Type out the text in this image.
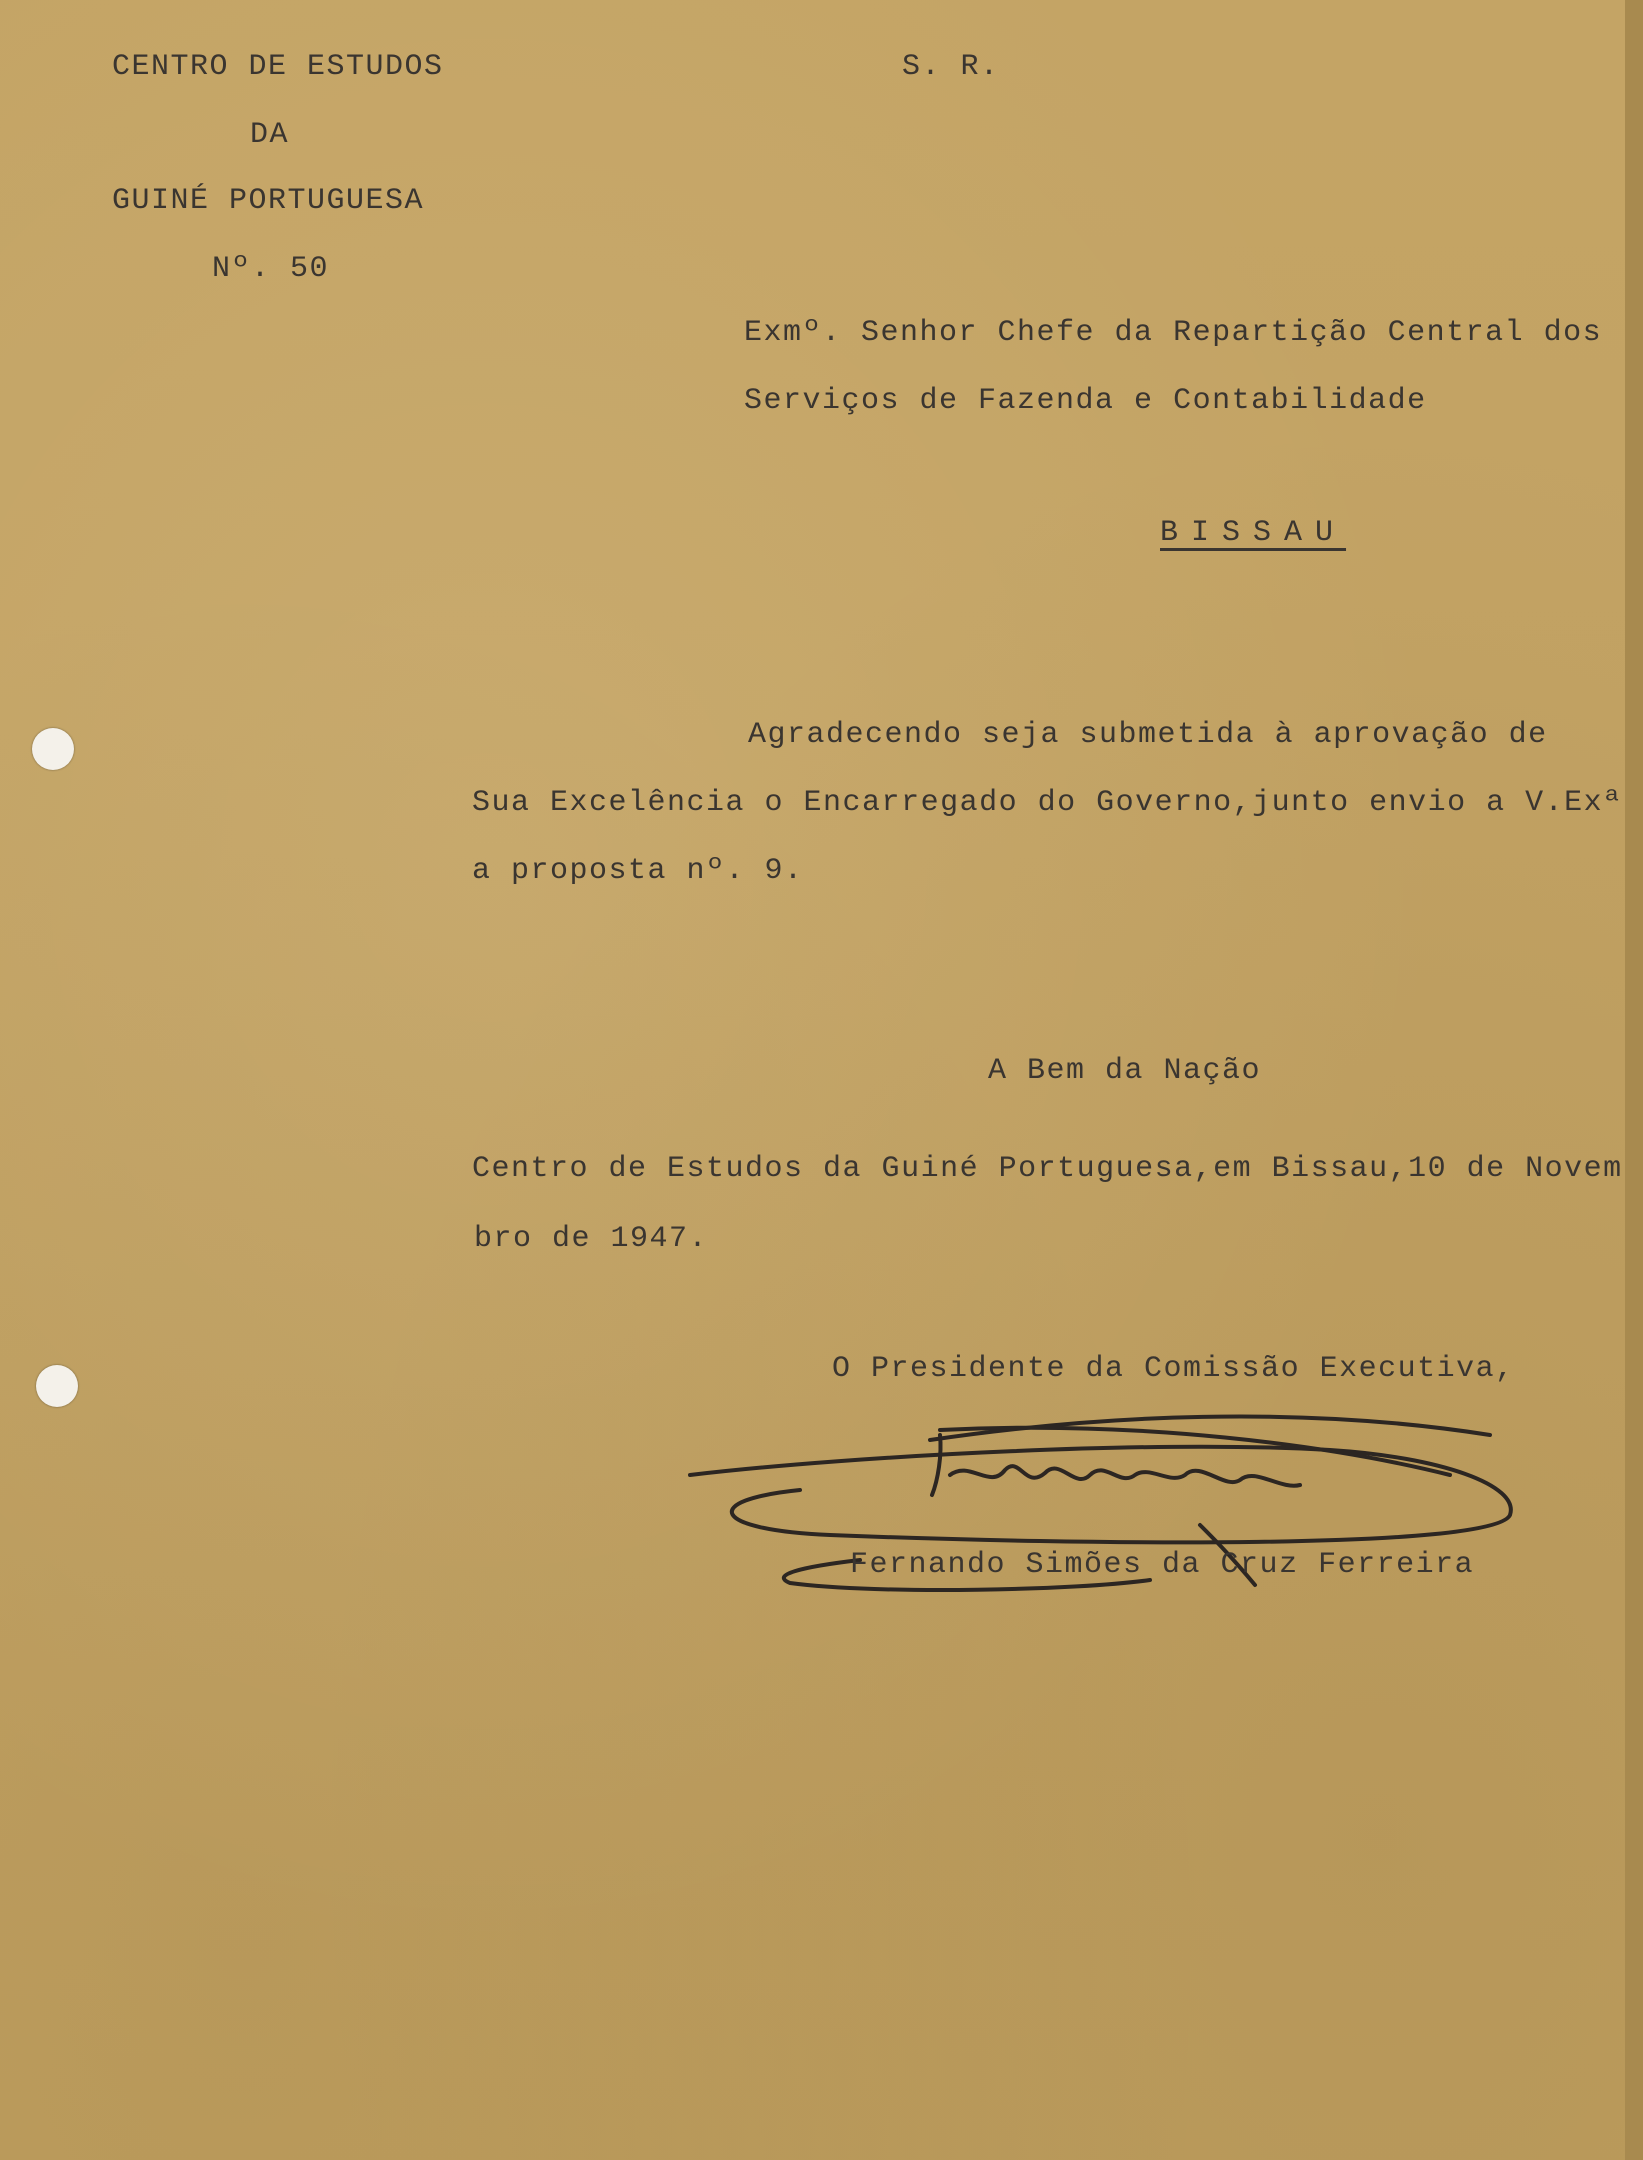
CENTRO DE ESTUDOS
DA
GUINÉ PORTUGUESA
Nº. 50
S. R.
Exmº. Senhor Chefe da Repartição Central dos
Serviços de Fazenda e Contabilidade
BISSAU
Agradecendo seja submetida à aprovação de
Sua Excelência o Encarregado do Governo,junto envio a V.Exª
a proposta nº. 9.
A Bem da Nação
Centro de Estudos da Guiné Portuguesa,em Bissau,10 de Novem
bro de 1947.
O Presidente da Comissão Executiva,
Fernando Simões da Cruz Ferreira
